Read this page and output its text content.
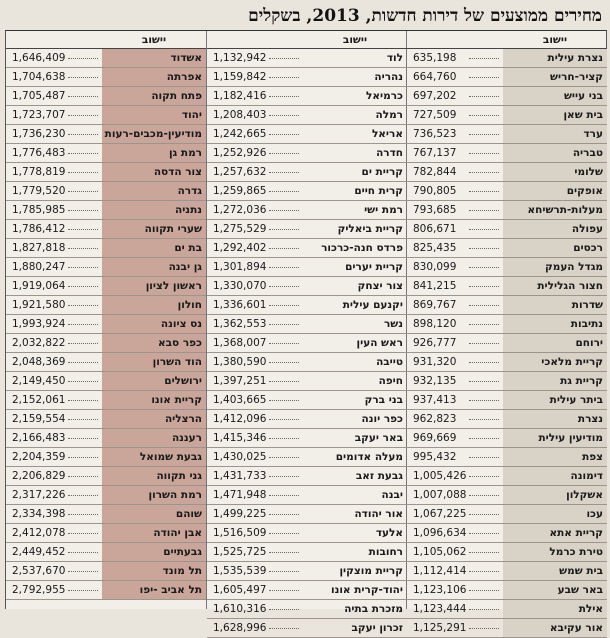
מחירים ממוצעים של דירות חדשות, 2013, בשקלים
יישוב
נצרת עילית
635,198
קציר-חריש
664,760
בני עייש
697,202
בית שאן
727,509
ערד
736,523
טבריה
767,137
שלומי
782,844
אופקים
790,805
מעלות-תרשיחא
793,685
עפולה
806,671
רכסים
825,435
מגדל העמק
830,099
חצור הגלילית
841,215
שדרות
869,767
נתיבות
898,120
ירוחם
926,777
קריית מלאכי
931,320
קריית גת
932,135
ביתר עילית
937,413
נצרת
962,823
מודיעין עילית
969,669
צפת
995,432
דימונה
1,005,426
אשקלון
1,007,088
עכו
1,067,225
קריית אתא
1,096,634
טירת כרמל
1,105,062
בית שמש
1,112,414
באר שבע
1,123,106
אילת
1,123,444
אור עקיבא
1,125,291
יישוב
לוד
1,132,942
נהריה
1,159,842
כרמיאל
1,182,416
רמלה
1,208,403
אריאל
1,242,665
חדרה
1,252,926
קריית ים
1,257,632
קרית חיים
1,259,865
רמת ישי
1,272,036
קריית ביאליק
1,275,529
פרדס חנה-כרכור
1,292,402
קריית יערים
1,301,894
צור יצחק
1,330,070
יקנעם עילית
1,336,601
נשר
1,362,553
ראש העין
1,368,007
טייבה
1,380,590
חיפה
1,397,251
בני ברק
1,403,665
כפר יונה
1,412,096
באר יעקב
1,415,346
מעלה אדומים
1,430,025
גבעת זאב
1,431,733
יבנה
1,471,948
אור יהודה
1,499,225
אלעד
1,516,509
רחובות
1,525,725
קריית מוצקין
1,535,539
יהוד-קרית אונו
1,605,497
מזכרת בתיה
1,610,316
זכרון יעקב
1,628,996
יישוב
אשדוד
1,646,409
אפרתה
1,704,638
פתח תקוה
1,705,487
יהוד
1,723,707
מודיעין-מכבים-רעות
1,736,230
רמת גן
1,776,483
צור הדסה
1,778,819
גדרה
1,779,520
נתניה
1,785,985
שערי תקווה
1,786,412
בת ים
1,827,818
גן יבנה
1,880,247
ראשון לציון
1,919,064
חולון
1,921,580
נס ציונה
1,993,924
כפר סבא
2,032,822
הוד השרון
2,048,369
ירושלים
2,149,450
קריית אונו
2,152,061
הרצליה
2,159,554
רעננה
2,166,483
גבעת שמואל
2,204,359
גני תקווה
2,206,829
רמת השרון
2,317,226
שוהם
2,334,398
אבן יהודה
2,412,078
גבעתיים
2,449,452
תל מונד
2,537,670
תל אביב -יפו
2,792,955
